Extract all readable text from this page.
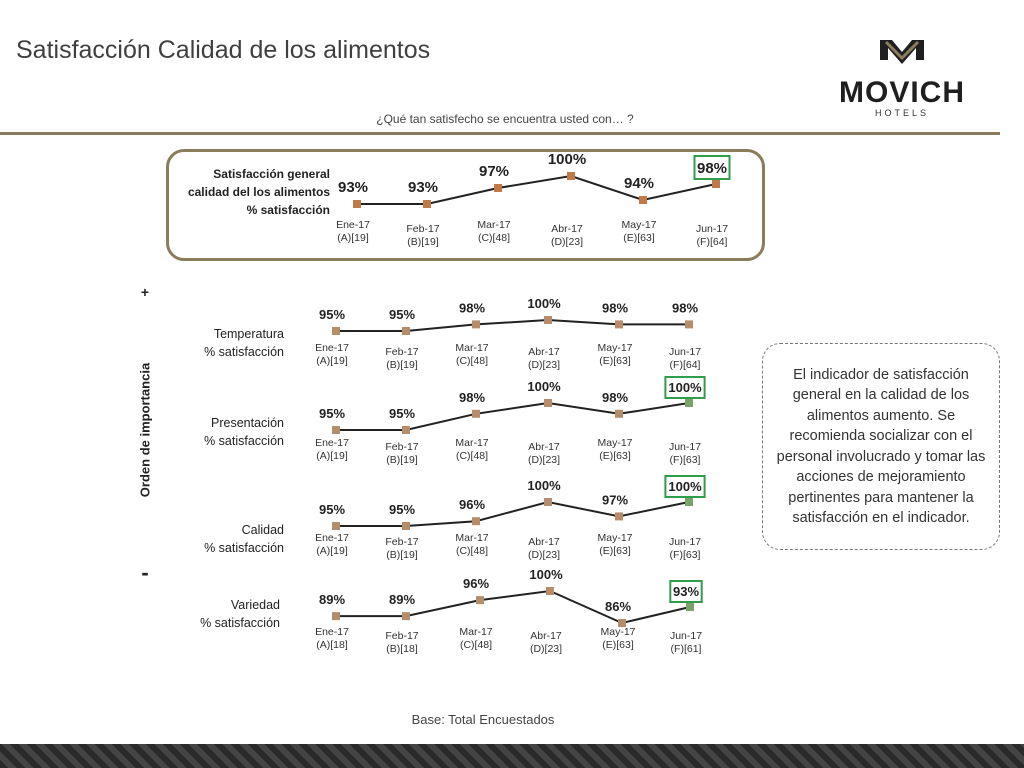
Satisfacción Calidad de los alimentos
MOVICH
HOTELS
¿Qué tan satisfecho se encuentra usted con… ?
Satisfacción general calidad del los alimentos % satisfacción
93%
Ene-17 (A)[19]
93%
Feb-17 (B)[19]
97%
Mar-17 (C)[48]
100%
Abr-17 (D)[23]
94%
May-17 (E)[63]
98%
Jun-17 (F)[64]
Temperatura % satisfacción
95%
Ene-17 (A)[19]
95%
Feb-17 (B)[19]
98%
Mar-17 (C)[48]
100%
Abr-17 (D)[23]
98%
May-17 (E)[63]
98%
Jun-17 (F)[64]
Presentación % satisfacción
95%
Ene-17 (A)[19]
95%
Feb-17 (B)[19]
98%
Mar-17 (C)[48]
100%
Abr-17 (D)[23]
98%
May-17 (E)[63]
100%
Jun-17 (F)[63]
Calidad % satisfacción
95%
Ene-17 (A)[19]
95%
Feb-17 (B)[19]
96%
Mar-17 (C)[48]
100%
Abr-17 (D)[23]
97%
May-17 (E)[63]
100%
Jun-17 (F)[63]
Variedad % satisfacción
89%
Ene-17 (A)[18]
89%
Feb-17 (B)[18]
96%
Mar-17 (C)[48]
100%
Abr-17 (D)[23]
86%
May-17 (E)[63]
93%
Jun-17 (F)[61]
+
Orden de importancia
-
El indicador de satisfacción general en la calidad de los alimentos aumento. Se recomienda socializar con el personal involucrado y tomar las acciones de mejoramiento pertinentes para mantener la satisfacción en el indicador.
Base: Total Encuestados
